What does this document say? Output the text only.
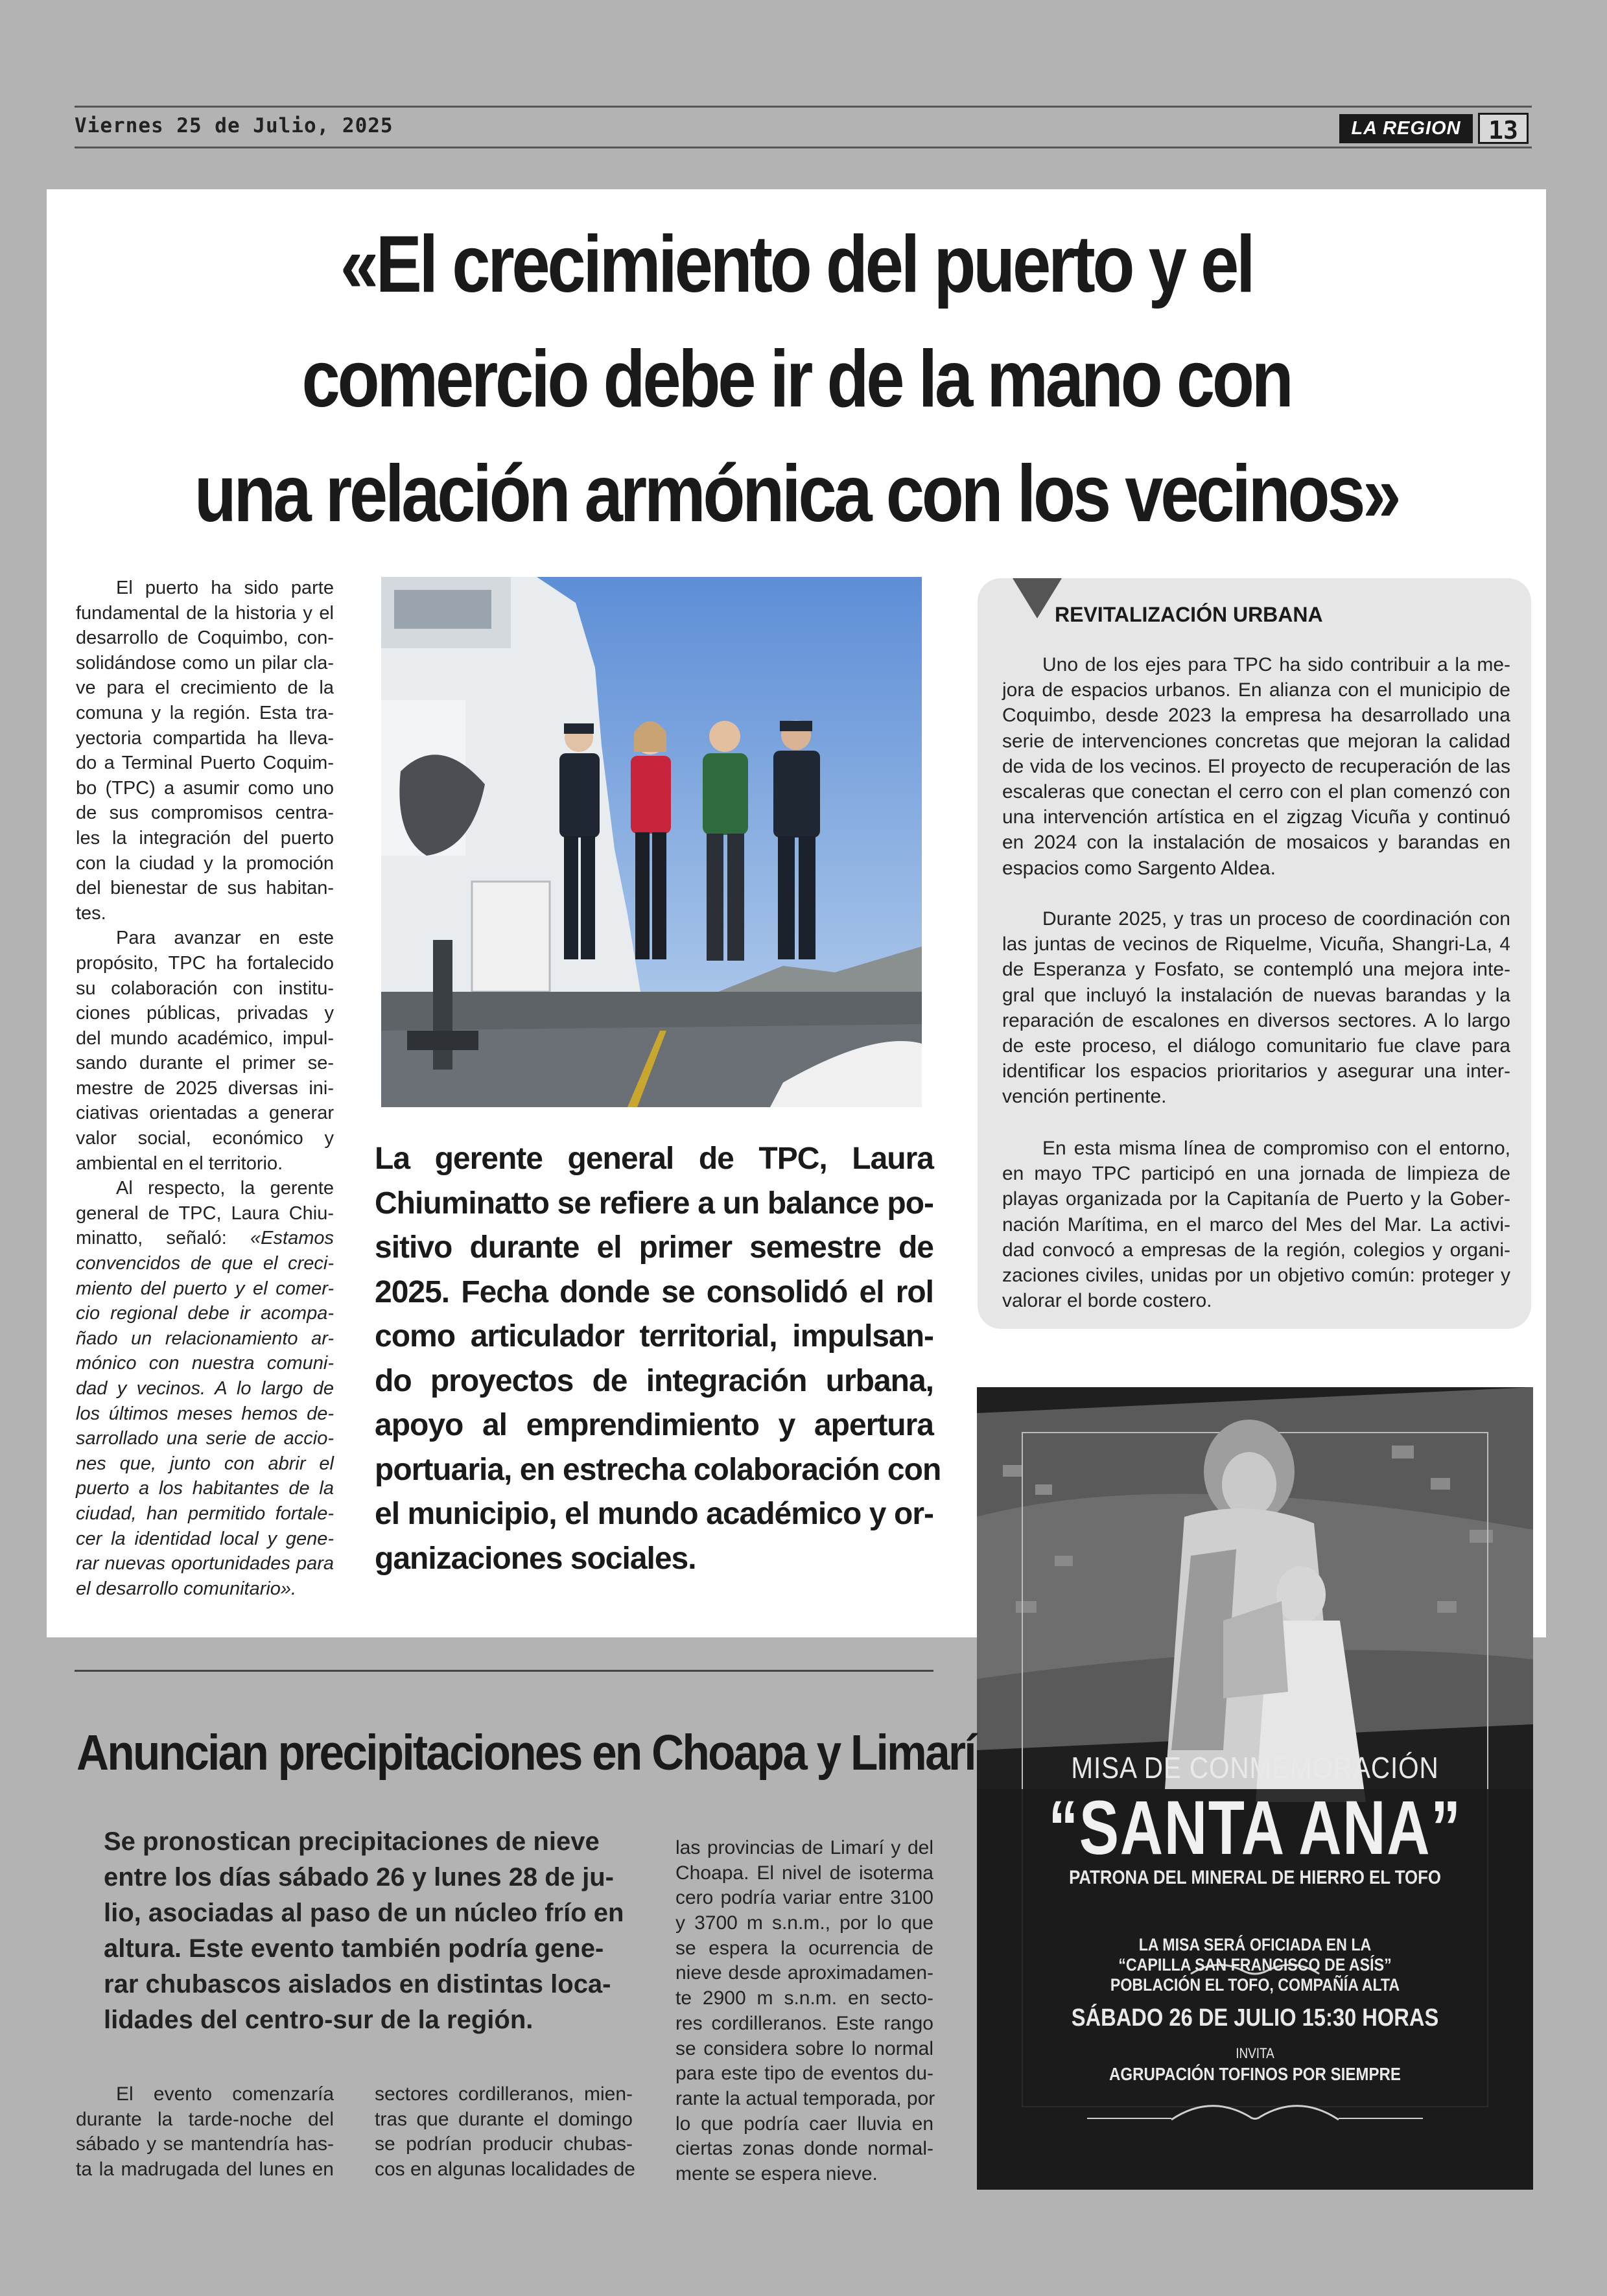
Viernes 25 de Julio, 2025	LA REGION	13
«El crecimiento del puerto y el
comercio debe ir de la mano con
una relación armónica con los vecinos»
El puerto ha sido parte
fundamental de la historia y el
desarrollo de Coquimbo, con-
solidándose como un pilar cla-
ve para el crecimiento de la
comuna y la región. Esta tra-
yectoria compartida ha lleva-
do a Terminal Puerto Coquim-
bo (TPC) a asumir como uno
de sus compromisos centra-
les la integración del puerto
con la ciudad y la promoción
del bienestar de sus habitan-
tes.
Para avanzar en este
propósito, TPC ha fortalecido
su colaboración con institu-
ciones públicas, privadas y
del mundo académico, impul-
sando durante el primer se-
mestre de 2025 diversas ini-
ciativas orientadas a generar
valor social, económico y
ambiental en el territorio.
Al respecto, la gerente
general de TPC, Laura Chiu-
minatto, señaló: «Estamos
convencidos de que el creci-
miento del puerto y el comer-
cio regional debe ir acompa-
ñado un relacionamiento ar-
mónico con nuestra comuni-
dad y vecinos. A lo largo de
los últimos meses hemos de-
sarrollado una serie de accio-
nes que, junto con abrir el
puerto a los habitantes de la
ciudad, han permitido fortale-
cer la identidad local y gene-
rar nuevas oportunidades para
el desarrollo comunitario».
La gerente general de TPC, Laura
Chiuminatto se refiere a un balance po-
sitivo durante el primer semestre de
2025. Fecha donde se consolidó el rol
como articulador territorial, impulsan-
do proyectos de integración urbana,
apoyo al emprendimiento y apertura
portuaria, en estrecha colaboración con
el municipio, el mundo académico y or-
ganizaciones sociales.
REVITALIZACIÓN URBANA
Uno de los ejes para TPC ha sido contribuir a la me-
jora de espacios urbanos. En alianza con el municipio de
Coquimbo, desde 2023 la empresa ha desarrollado una
serie de intervenciones concretas que mejoran la calidad
de vida de los vecinos. El proyecto de recuperación de las
escaleras que conectan el cerro con el plan comenzó con
una intervención artística en el zigzag Vicuña y continuó
en 2024 con la instalación de mosaicos y barandas en
espacios como Sargento Aldea.
Durante 2025, y tras un proceso de coordinación con
las juntas de vecinos de Riquelme, Vicuña, Shangri-La, 4
de Esperanza y Fosfato, se contempló una mejora inte-
gral que incluyó la instalación de nuevas barandas y la
reparación de escalones en diversos sectores. A lo largo
de este proceso, el diálogo comunitario fue clave para
identificar los espacios prioritarios y asegurar una inter-
vención pertinente.
En esta misma línea de compromiso con el entorno,
en mayo TPC participó en una jornada de limpieza de
playas organizada por la Capitanía de Puerto y la Gober-
nación Marítima, en el marco del Mes del Mar. La activi-
dad convocó a empresas de la región, colegios y organi-
zaciones civiles, unidas por un objetivo común: proteger y
valorar el borde costero.
MISA DE CONMEMORACIÓN
“SANTA ANA”
PATRONA DEL MINERAL DE HIERRO EL TOFO
LA MISA SERÁ OFICIADA EN LA
“CAPILLA SAN FRANCISCO DE ASÍS”
POBLACIÓN EL TOFO, COMPAÑÍA ALTA
SÁBADO 26 DE JULIO 15:30 HORAS
INVITA
AGRUPACIÓN TOFINOS POR SIEMPRE
Anuncian precipitaciones en Choapa y Limarí
Se pronostican precipitaciones de nieve
entre los días sábado 26 y lunes 28 de ju-
lio, asociadas al paso de un núcleo frío en
altura. Este evento también podría gene-
rar chubascos aislados en distintas loca-
lidades del centro-sur de la región.
El evento comenzaría
durante la tarde-noche del
sábado y se mantendría has-
ta la madrugada del lunes en
sectores cordilleranos, mien-
tras que durante el domingo
se podrían producir chubas-
cos en algunas localidades de
las provincias de Limarí y del
Choapa. El nivel de isoterma
cero podría variar entre 3100
y 3700 m s.n.m., por lo que
se espera la ocurrencia de
nieve desde aproximadamen-
te 2900 m s.n.m. en secto-
res cordilleranos. Este rango
se considera sobre lo normal
para este tipo de eventos du-
rante la actual temporada, por
lo que podría caer lluvia en
ciertas zonas donde normal-
mente se espera nieve.
